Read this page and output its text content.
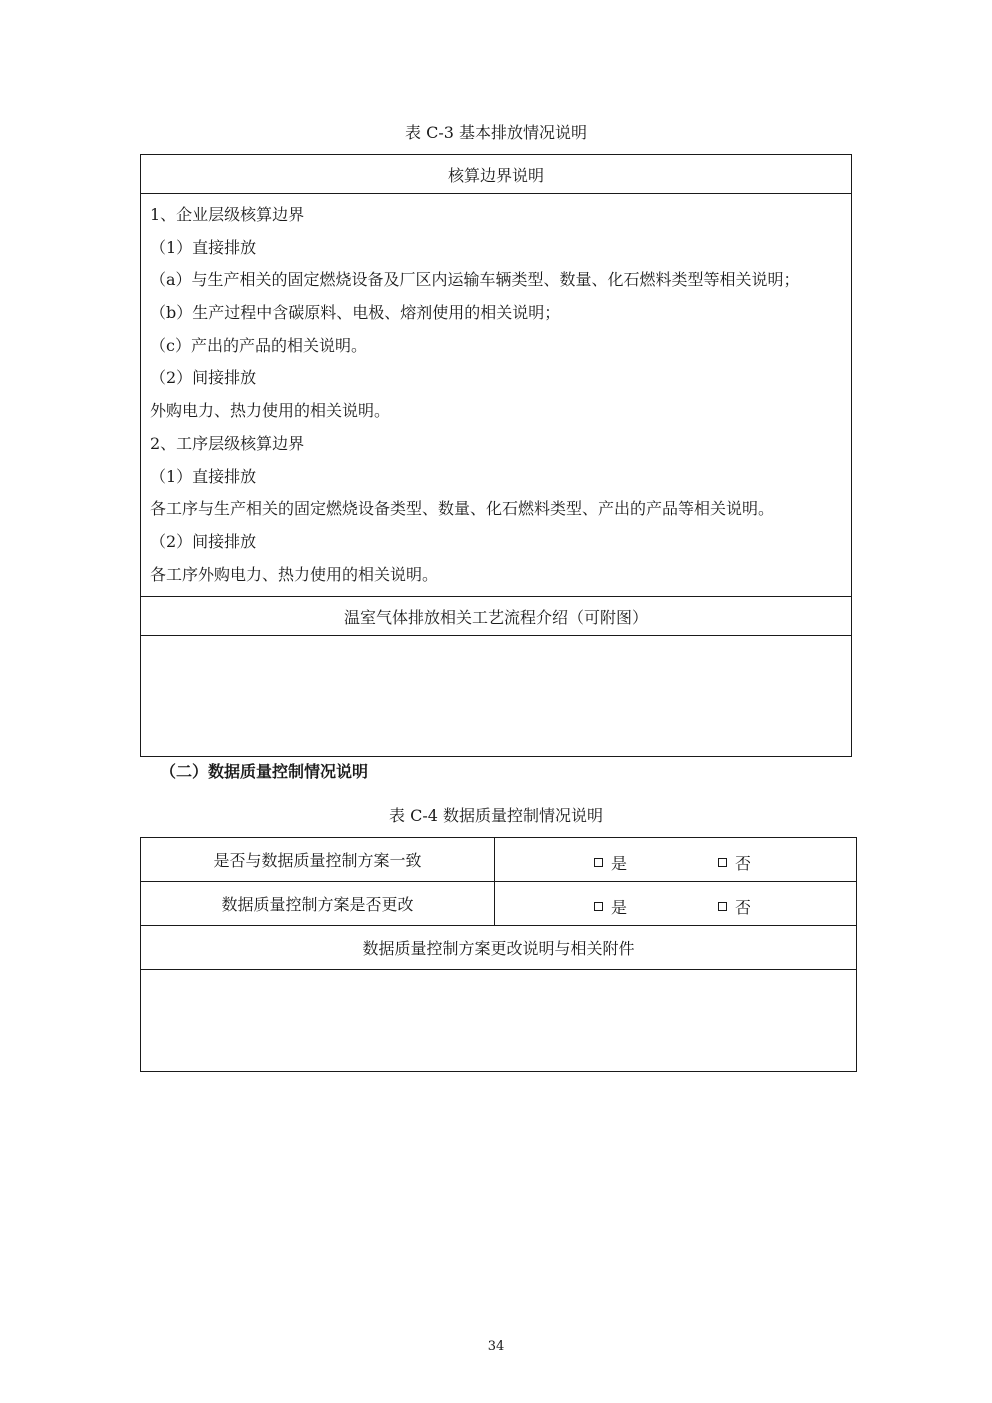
表 C-3 基本排放情况说明
核算边界说明

1、企业层级核算边界
（1）直接排放
（a）与生产相关的固定燃烧设备及厂区内运输车辆类型、数量、化石燃料类型等相关说明；
（b）生产过程中含碳原料、电极、熔剂使用的相关说明；
（c）产出的产品的相关说明。
（2）间接排放
外购电力、热力使用的相关说明。
2、工序层级核算边界
（1）直接排放
各工序与生产相关的固定燃烧设备类型、数量、化石燃料类型、产出的产品等相关说明。
（2）间接排放
各工序外购电力、热力使用的相关说明。

温室气体排放相关工艺流程介绍（可附图）

（二）数据质量控制情况说明
表 C-4 数据质量控制情况说明
是否与数据质量控制方案一致	是 否

数据质量控制方案是否更改	是 否

数据质量控制方案更改说明与相关附件	

34
